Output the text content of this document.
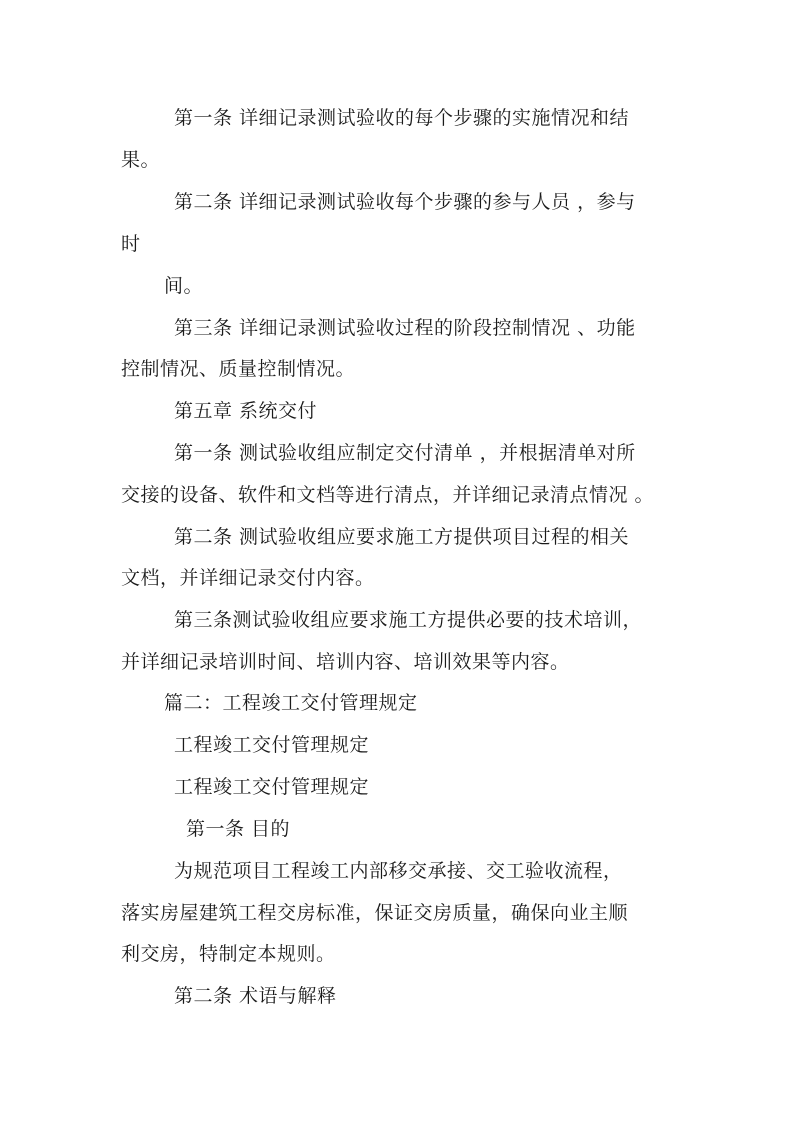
第一条 详细记录测试验收的每个步骤的实施情况和结
果。
第二条 详细记录测试验收每个步骤的参与人员 ，参与
时
间。
第三条 详细记录测试验收过程的阶段控制情况 、功能
控制情况、质量控制情况。
第五章 系统交付
第一条 测试验收组应制定交付清单 ，并根据清单对所
交接的设备、软件和文档等进行清点，并详细记录清点情况 。
第二条 测试验收组应要求施工方提供项目过程的相关
文档，并详细记录交付内容。
第三条测试验收组应要求施工方提供必要的技术培训，
并详细记录培训时间、培训内容、培训效果等内容。
篇二：工程竣工交付管理规定
工程竣工交付管理规定
工程竣工交付管理规定
第一条 目的
为规范项目工程竣工内部移交承接、交工验收流程，
落实房屋建筑工程交房标准，保证交房质量，确保向业主顺
利交房，特制定本规则。
第二条 术语与解释
